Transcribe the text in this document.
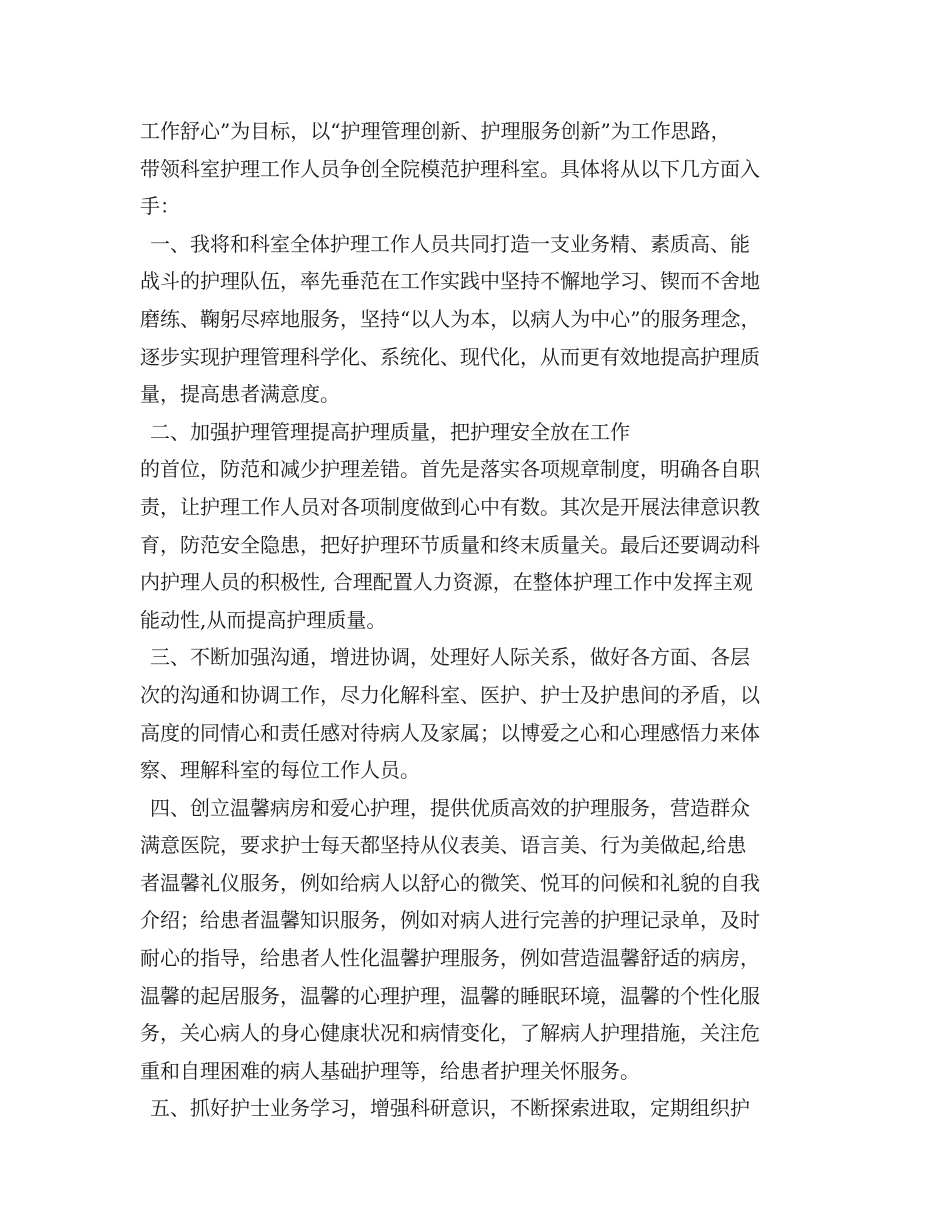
工作舒心”为目标，以“护理管理创新、护理服务创新”为工作思路，
带领科室护理工作人员争创全院模范护理科室。具体将从以下几方面入
手：
一、我将和科室全体护理工作人员共同打造一支业务精、素质高、能
战斗的护理队伍，率先垂范在工作实践中坚持不懈地学习、锲而不舍地
磨练、鞠躬尽瘁地服务，坚持“以人为本，以病人为中心”的服务理念，
逐步实现护理管理科学化、系统化、现代化，从而更有效地提高护理质
量，提高患者满意度。
二、加强护理管理提高护理质量，把护理安全放在工作
的首位，防范和减少护理差错。首先是落实各项规章制度，明确各自职
责，让护理工作人员对各项制度做到心中有数。其次是开展法律意识教
育，防范安全隐患，把好护理环节质量和终末质量关。最后还要调动科
内护理人员的积极性, 合理配置人力资源，在整体护理工作中发挥主观
能动性,从而提高护理质量。
三、不断加强沟通，增进协调，处理好人际关系，做好各方面、各层
次的沟通和协调工作，尽力化解科室、医护、护士及护患间的矛盾，以
高度的同情心和责任感对待病人及家属；以博爱之心和心理感悟力来体
察、理解科室的每位工作人员。
四、创立温馨病房和爱心护理，提供优质高效的护理服务，营造群众
满意医院，要求护士每天都坚持从仪表美、语言美、行为美做起,给患
者温馨礼仪服务，例如给病人以舒心的微笑、悦耳的问候和礼貌的自我
介绍；给患者温馨知识服务，例如对病人进行完善的护理记录单，及时
耐心的指导，给患者人性化温馨护理服务，例如营造温馨舒适的病房，
温馨的起居服务，温馨的心理护理，温馨的睡眠环境，温馨的个性化服
务，关心病人的身心健康状况和病情变化，了解病人护理措施，关注危
重和自理困难的病人基础护理等，给患者护理关怀服务。
五、抓好护士业务学习，增强科研意识，不断探索进取，定期组织护
